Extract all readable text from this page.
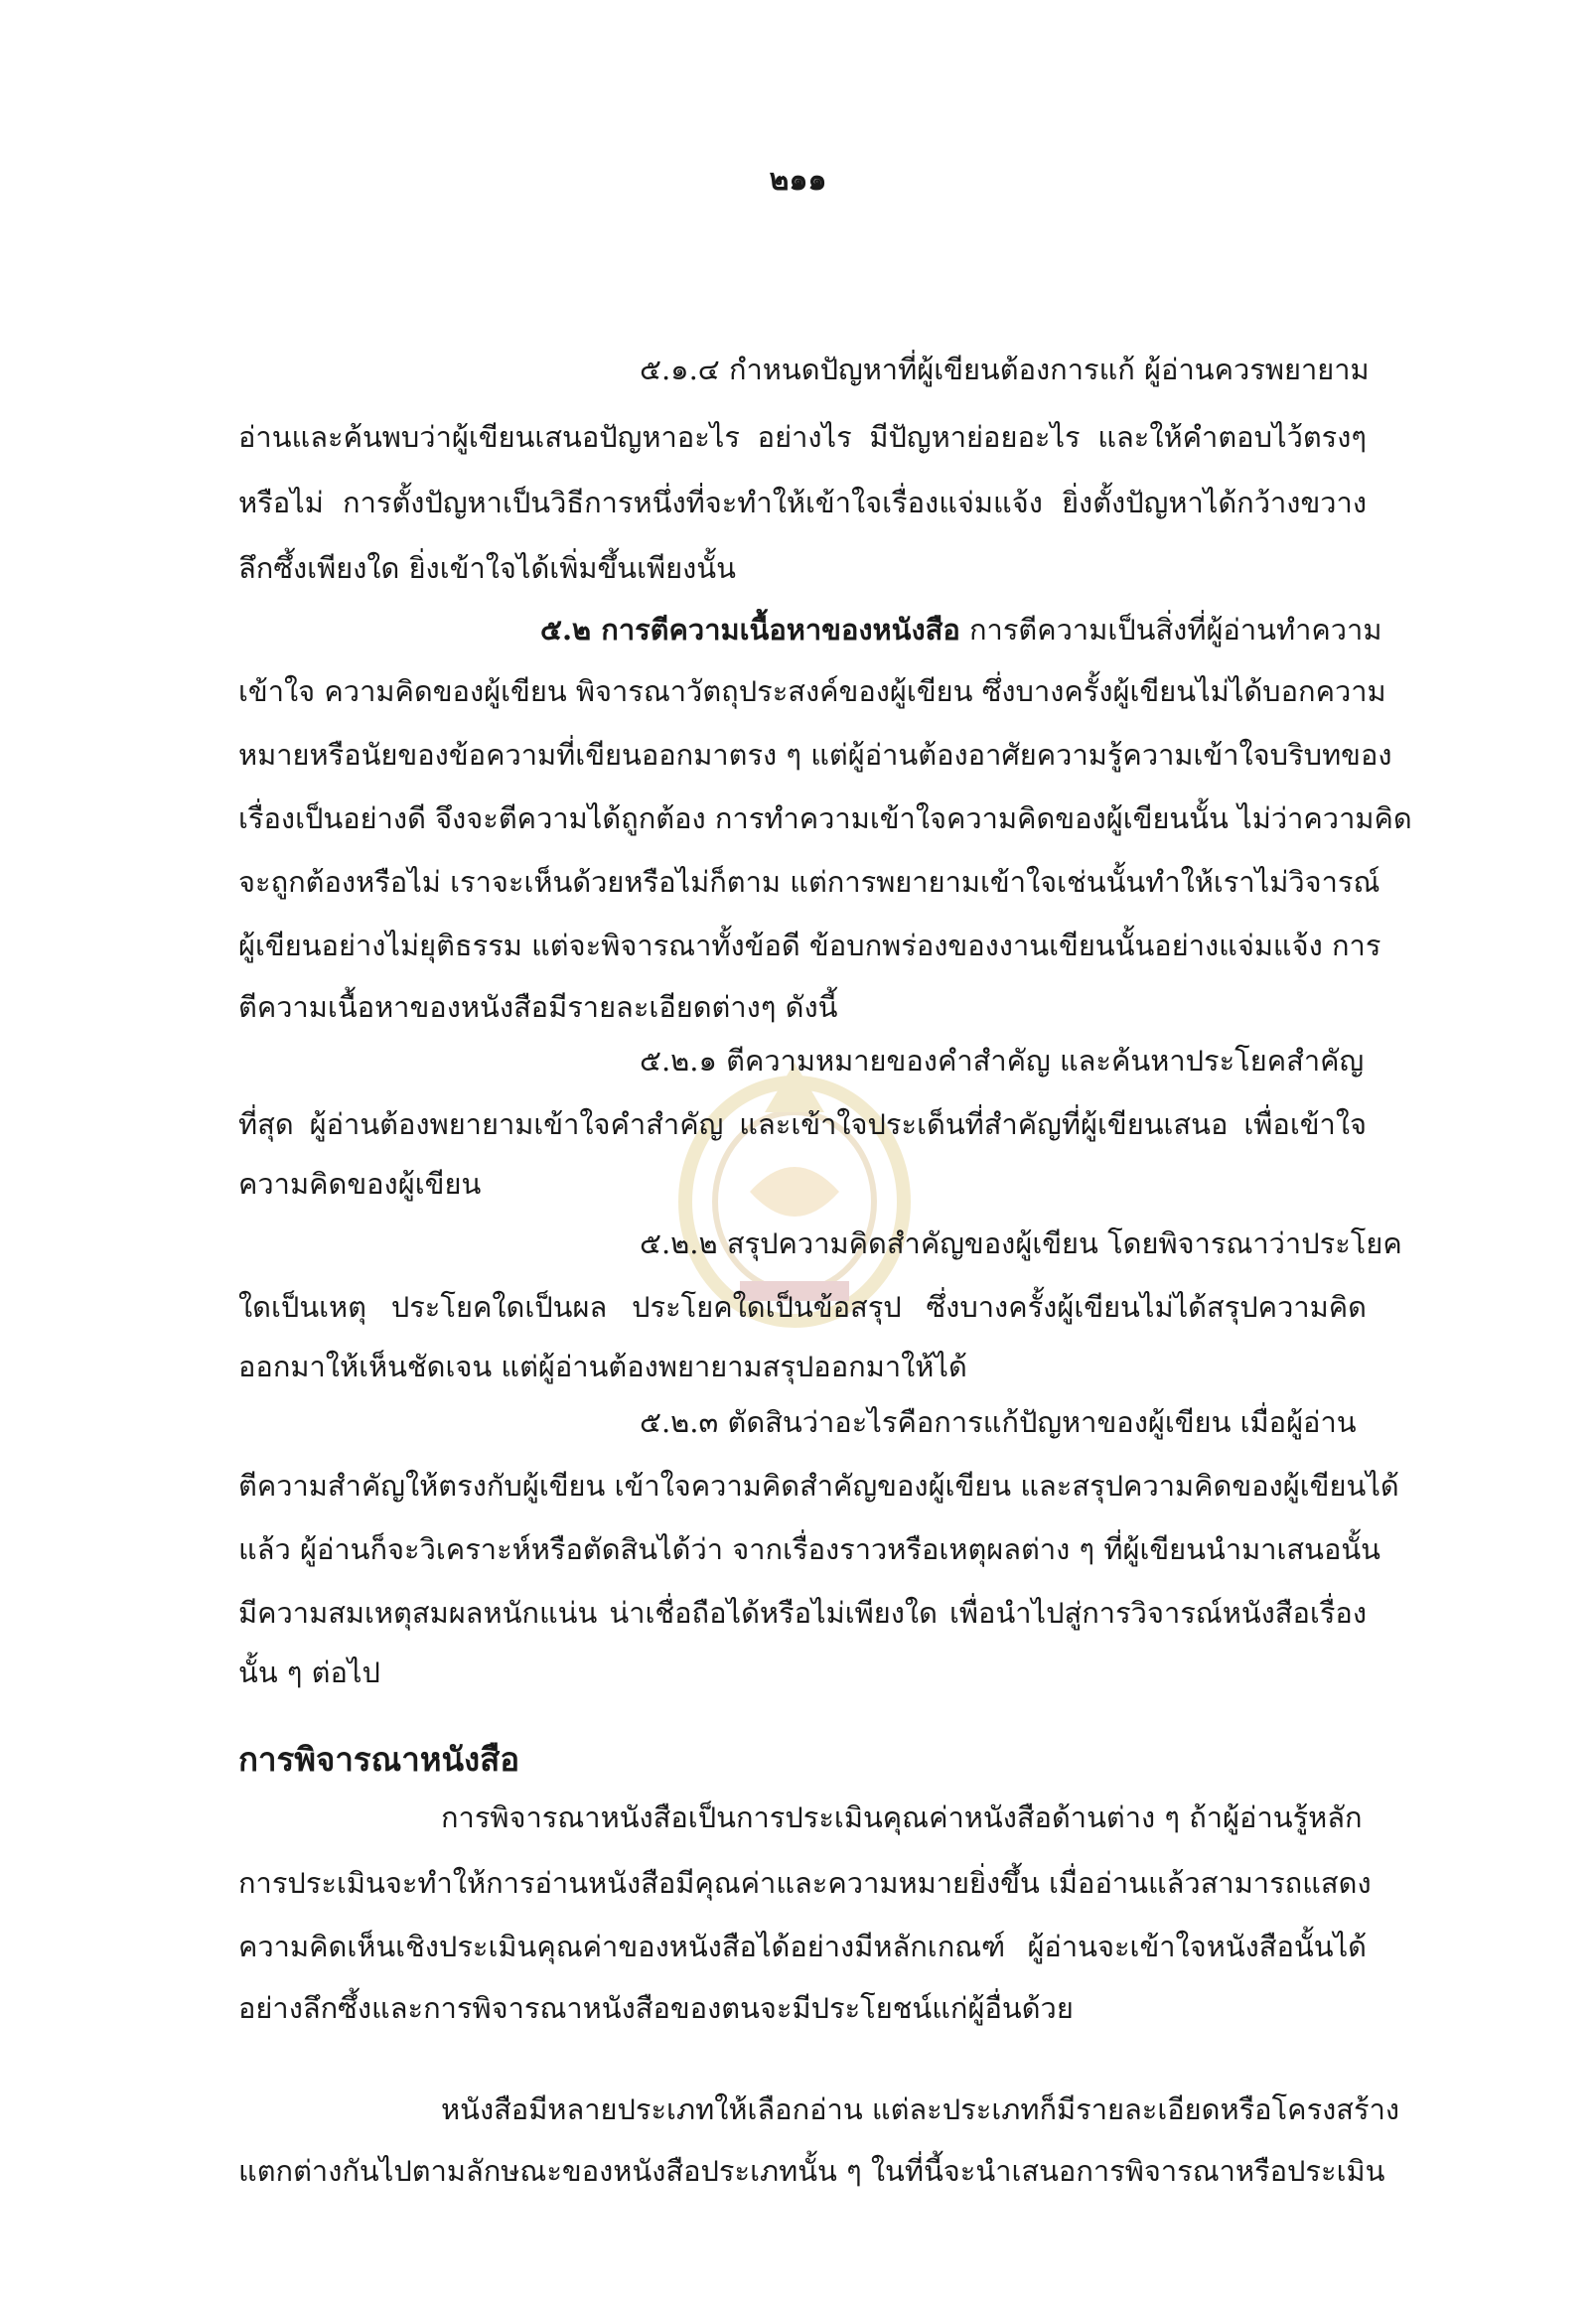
๒๑๑
๕.๑.๔ กำหนดปัญหาที่ผู้เขียนต้องการแก้ ผู้อ่านควรพยายาม
อ่านและค้นพบว่าผู้เขียนเสนอปัญหาอะไร อย่างไร มีปัญหาย่อยอะไร และให้คำตอบไว้ตรงๆ
หรือไม่ การตั้งปัญหาเป็นวิธีการหนึ่งที่จะทำให้เข้าใจเรื่องแจ่มแจ้ง ยิ่งตั้งปัญหาได้กว้างขวาง
ลึกซึ้งเพียงใด ยิ่งเข้าใจได้เพิ่มขึ้นเพียงนั้น
๕.๒ การตีความเนื้อหาของหนังสือ การตีความเป็นสิ่งที่ผู้อ่านทำความ
เข้าใจ ความคิดของผู้เขียน พิจารณาวัตถุประสงค์ของผู้เขียน ซึ่งบางครั้งผู้เขียนไม่ได้บอกความ
หมายหรือนัยของข้อความที่เขียนออกมาตรง ๆ แต่ผู้อ่านต้องอาศัยความรู้ความเข้าใจบริบทของ
เรื่องเป็นอย่างดี จึงจะตีความได้ถูกต้อง การทำความเข้าใจความคิดของผู้เขียนนั้น ไม่ว่าความคิด
จะถูกต้องหรือไม่ เราจะเห็นด้วยหรือไม่ก็ตาม แต่การพยายามเข้าใจเช่นนั้นทำให้เราไม่วิจารณ์
ผู้เขียนอย่างไม่ยุติธรรม แต่จะพิจารณาทั้งข้อดี ข้อบกพร่องของงานเขียนนั้นอย่างแจ่มแจ้ง การ
ตีความเนื้อหาของหนังสือมีรายละเอียดต่างๆ ดังนี้
๕.๒.๑ ตีความหมายของคำสำคัญ และค้นหาประโยคสำคัญ
ที่สุด ผู้อ่านต้องพยายามเข้าใจคำสำคัญ และเข้าใจประเด็นที่สำคัญที่ผู้เขียนเสนอ เพื่อเข้าใจ
ความคิดของผู้เขียน
๕.๒.๒ สรุปความคิดสำคัญของผู้เขียน โดยพิจารณาว่าประโยค
ใดเป็นเหตุ ประโยคใดเป็นผล ประโยคใดเป็นข้อสรุป ซึ่งบางครั้งผู้เขียนไม่ได้สรุปความคิด
ออกมาให้เห็นชัดเจน แต่ผู้อ่านต้องพยายามสรุปออกมาให้ได้
๕.๒.๓ ตัดสินว่าอะไรคือการแก้ปัญหาของผู้เขียน เมื่อผู้อ่าน
ตีความสำคัญให้ตรงกับผู้เขียน เข้าใจความคิดสำคัญของผู้เขียน และสรุปความคิดของผู้เขียนได้
แล้ว ผู้อ่านก็จะวิเคราะห์หรือตัดสินได้ว่า จากเรื่องราวหรือเหตุผลต่าง ๆ ที่ผู้เขียนนำมาเสนอนั้น
มีความสมเหตุสมผลหนักแน่น น่าเชื่อถือได้หรือไม่เพียงใด เพื่อนำไปสู่การวิจารณ์หนังสือเรื่อง
นั้น ๆ ต่อไป
การพิจารณาหนังสือ
การพิจารณาหนังสือเป็นการประเมินคุณค่าหนังสือด้านต่าง ๆ ถ้าผู้อ่านรู้หลัก
การประเมินจะทำให้การอ่านหนังสือมีคุณค่าและความหมายยิ่งขึ้น เมื่ออ่านแล้วสามารถแสดง
ความคิดเห็นเชิงประเมินคุณค่าของหนังสือได้อย่างมีหลักเกณฑ์ ผู้อ่านจะเข้าใจหนังสือนั้นได้
อย่างลึกซึ้งและการพิจารณาหนังสือของตนจะมีประโยชน์แก่ผู้อื่นด้วย
หนังสือมีหลายประเภทให้เลือกอ่าน แต่ละประเภทก็มีรายละเอียดหรือโครงสร้าง
แตกต่างกันไปตามลักษณะของหนังสือประเภทนั้น ๆ ในที่นี้จะนำเสนอการพิจารณาหรือประเมิน
